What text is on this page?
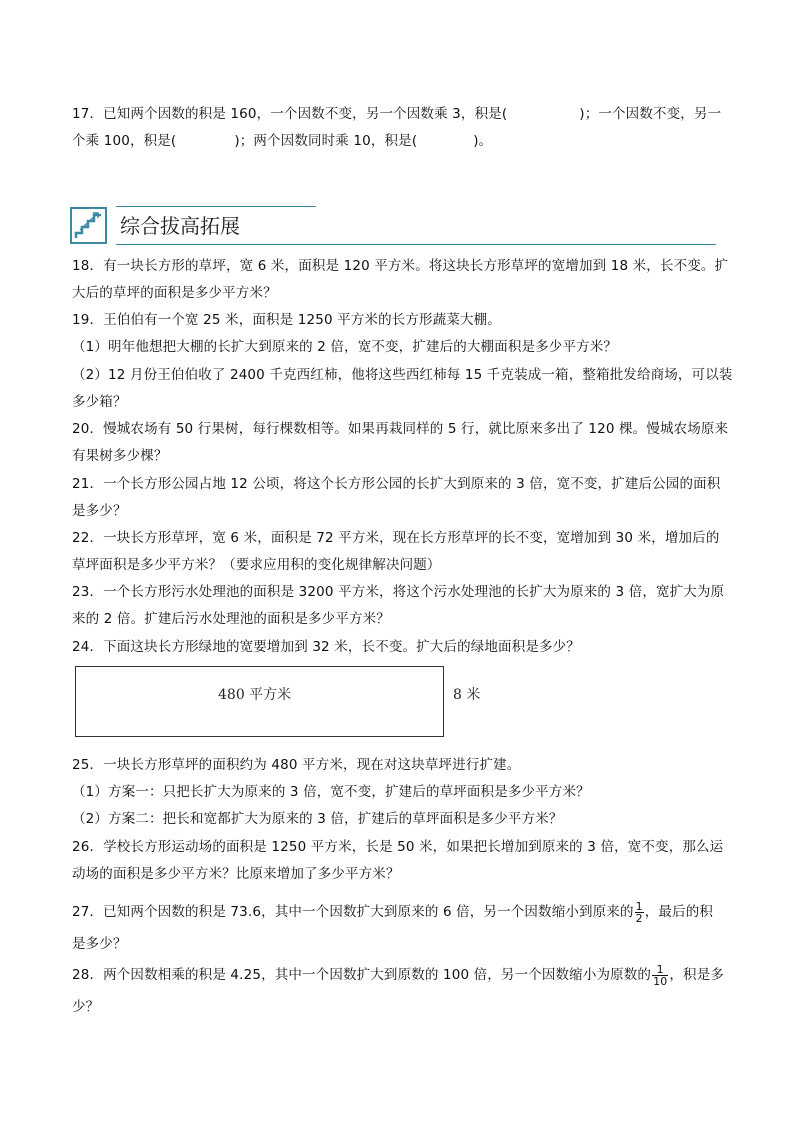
17．已知两个因数的积是 160，一个因数不变，另一个因数乘 3，积是(	)；一个因数不变，另一
个乘 100，积是(	)；两个因数同时乘 10，积是(	)。
综合拔高拓展
18．有一块长方形的草坪，宽 6 米，面积是 120 平方米。将这块长方形草坪的宽增加到 18 米，长不变。扩
大后的草坪的面积是多少平方米？
19．王伯伯有一个宽 25 米，面积是 1250 平方米的长方形蔬菜大棚。
（1）明年他想把大棚的长扩大到原来的 2 倍，宽不变，扩建后的大棚面积是多少平方米？
（2）12 月份王伯伯收了 2400 千克西红柿，他将这些西红柿每 15 千克装成一箱，整箱批发给商场，可以装
多少箱？
20．慢城农场有 50 行果树，每行棵数相等。如果再栽同样的 5 行，就比原来多出了 120 棵。慢城农场原来
有果树多少棵？
21．一个长方形公园占地 12 公顷，将这个长方形公园的长扩大到原来的 3 倍，宽不变，扩建后公园的面积
是多少？
22．一块长方形草坪，宽 6 米，面积是 72 平方米，现在长方形草坪的长不变，宽增加到 30 米，增加后的
草坪面积是多少平方米？（要求应用积的变化规律解决问题）
23．一个长方形污水处理池的面积是 3200 平方米，将这个污水处理池的长扩大为原来的 3 倍，宽扩大为原
来的 2 倍。扩建后污水处理池的面积是多少平方米？
24．下面这块长方形绿地的宽要增加到 32 米，长不变。扩大后的绿地面积是多少？
480 平方米	8 米
25．一块长方形草坪的面积约为 480 平方米，现在对这块草坪进行扩建。
（1）方案一：只把长扩大为原来的 3 倍，宽不变，扩建后的草坪面积是多少平方米？
（2）方案二：把长和宽都扩大为原来的 3 倍，扩建后的草坪面积是多少平方米？
26．学校长方形运动场的面积是 1250 平方米，长是 50 米，如果把长增加到原来的 3 倍，宽不变，那么运
动场的面积是多少平方米？比原来增加了多少平方米？
27．已知两个因数的积是 73.6，其中一个因数扩大到原来的 6 倍，另一个因数缩小到原来的 $\frac{1}{2}$ ，最后的积
是多少？
28．两个因数相乘的积是 4.25，其中一个因数扩大到原数的 100 倍，另一个因数缩小为原数的 $\frac{1}{10}$ ，积是多
少？
